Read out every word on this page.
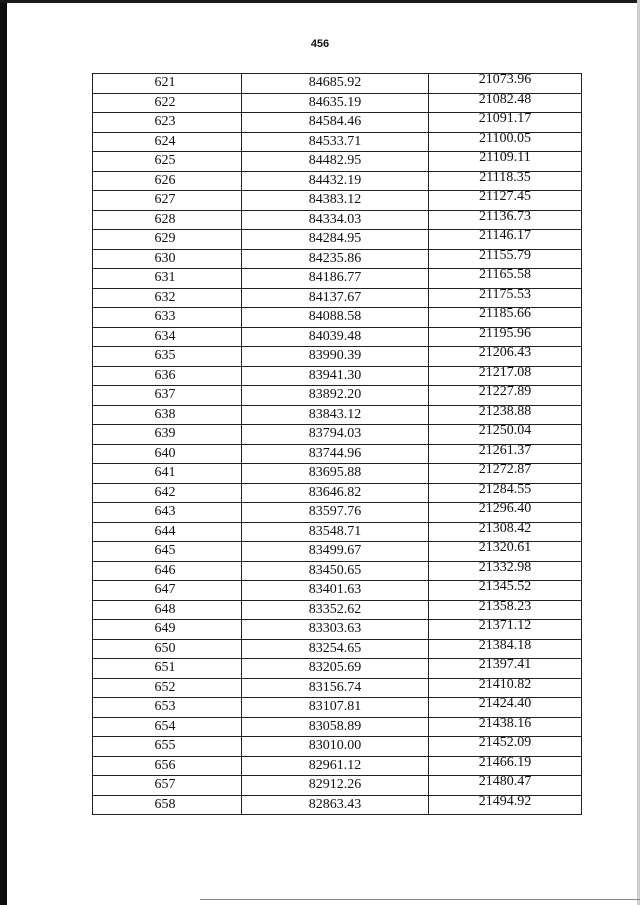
456
621	84685.92	21073.96
622	84635.19	21082.48
623	84584.46	21091.17
624	84533.71	21100.05
625	84482.95	21109.11
626	84432.19	21118.35
627	84383.12	21127.45
628	84334.03	21136.73
629	84284.95	21146.17
630	84235.86	21155.79
631	84186.77	21165.58
632	84137.67	21175.53
633	84088.58	21185.66
634	84039.48	21195.96
635	83990.39	21206.43
636	83941.30	21217.08
637	83892.20	21227.89
638	83843.12	21238.88
639	83794.03	21250.04
640	83744.96	21261.37
641	83695.88	21272.87
642	83646.82	21284.55
643	83597.76	21296.40
644	83548.71	21308.42
645	83499.67	21320.61
646	83450.65	21332.98
647	83401.63	21345.52
648	83352.62	21358.23
649	83303.63	21371.12
650	83254.65	21384.18
651	83205.69	21397.41
652	83156.74	21410.82
653	83107.81	21424.40
654	83058.89	21438.16
655	83010.00	21452.09
656	82961.12	21466.19
657	82912.26	21480.47
658	82863.43	21494.92
